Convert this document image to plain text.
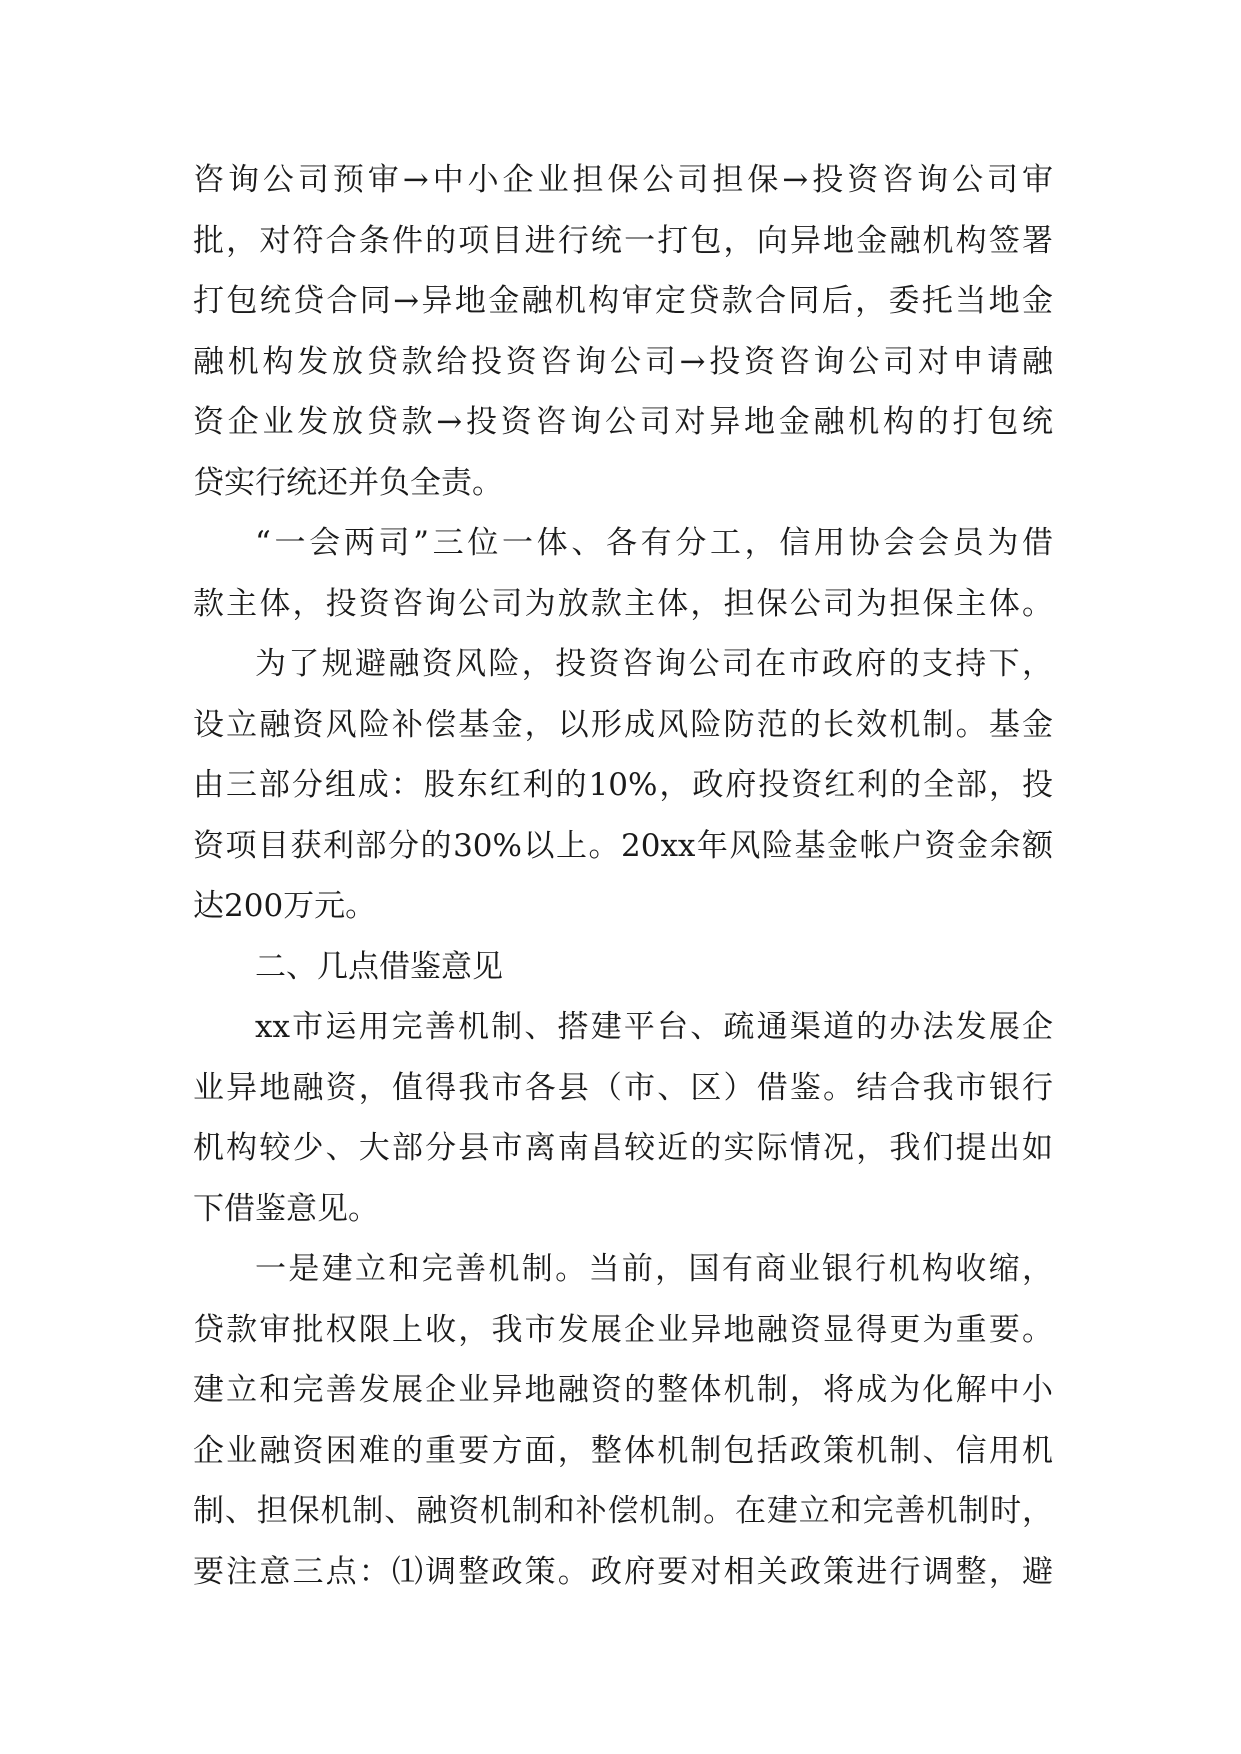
咨询公司预审→中小企业担保公司担保→投资咨询公司审
批，对符合条件的项目进行统一打包，向异地金融机构签署
打包统贷合同→异地金融机构审定贷款合同后，委托当地金
融机构发放贷款给投资咨询公司→投资咨询公司对申请融
资企业发放贷款→投资咨询公司对异地金融机构的打包统
贷实行统还并负全责。
“一会两司”三位一体、各有分工，信用协会会员为借
款主体，投资咨询公司为放款主体，担保公司为担保主体。
为了规避融资风险，投资咨询公司在市政府的支持下，
设立融资风险补偿基金，以形成风险防范的长效机制。基金
由三部分组成：股东红利的10%，政府投资红利的全部，投
资项目获利部分的30%以上。20xx年风险基金帐户资金余额
达200万元。
二、几点借鉴意见
xx市运用完善机制、搭建平台、疏通渠道的办法发展企
业异地融资，值得我市各县（市、区）借鉴。结合我市银行
机构较少、大部分县市离南昌较近的实际情况，我们提出如
下借鉴意见。
一是建立和完善机制。当前，国有商业银行机构收缩，
贷款审批权限上收，我市发展企业异地融资显得更为重要。
建立和完善发展企业异地融资的整体机制，将成为化解中小
企业融资困难的重要方面，整体机制包括政策机制、信用机
制、担保机制、融资机制和补偿机制。在建立和完善机制时，
要注意三点：⑴调整政策。政府要对相关政策进行调整，避
